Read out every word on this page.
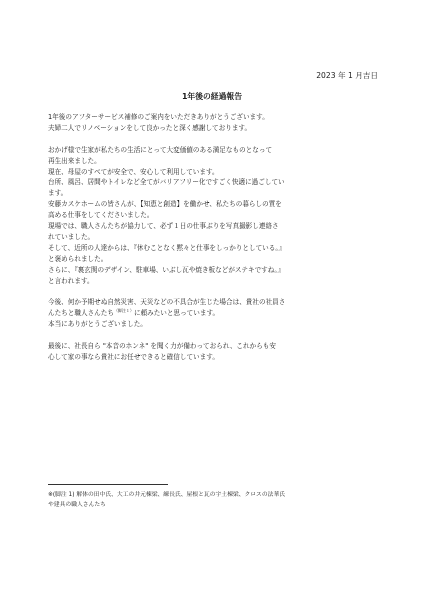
2023 年 1 月吉日
1年後の経過報告

1年後のアフターサービス補修のご案内をいただきありがとうございます。

夫婦二人でリノベーションをして良かったと深く感謝しております。

おかげ様で生家が私たちの生活にとって大変価値のある満足なものとなって

再生出来ました。

現在、母屋のすべてが安全で、安心して利用しています。

台所、風呂、居間やトイレなど全てがバリアフリー化ですごく快適に過ごしてい

ます。

安藤カスケホームの皆さんが、【知恵と創造】を働かせ、私たちの暮らしの質を

高める仕事をしてくださいました。

現場では、職人さんたちが協力して、必ず１日の仕事ぶりを写真撮影し連絡さ

れていました。

そして、近所の人達からは、『休むことなく黙々と仕事をしっかりとしている。』

と褒められました。

さらに、『裏玄関のデザイン、駐車場、いぶし瓦や焼き板などがステキですね。』

と言われます。

今後、何か予期せぬ自然災害、天災などの不具合が生じた場合は、貴社の社員さ

んたちと職人さんたち$^{(脚注1)}$に頼みたいと思っています。

本当にありがとうございました。

最後に、社長自ら "本音のホンネ" を聞く力が備わっておられ、これからも安

心して家の事なら貴社にお任せできると確信しています。

※(脚注 1) 解体の田中氏、大工の井元棟梁、練長氏、屋根と瓦の宇土棟梁、クロスの法華氏
や建具の職人さんたち
